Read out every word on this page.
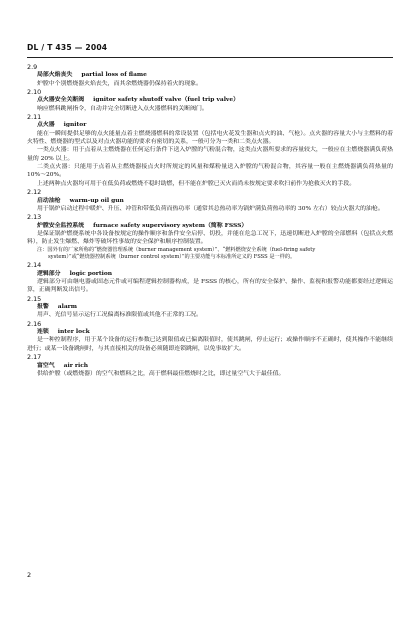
DL / T 435 — 2004
2.9
局部火焰丧失 partial loss of flame
炉膛中个别燃烧器火焰丧失，而其余燃烧器仍保持着火的现象。
2.10
点火器安全关断阀 ignitor safety shutoff valve（fuel trip valve）
响应燃料跳闸指令，自动并完全切断进入点火器燃料的关断阀门。
2.11
点火器 ignitor
能在一瞬间提供足够的点火能量点着主燃烧器燃料的常设装置（包括电火花发生器和点火的油、气枪）。点火器的容量大小与主燃料的着火特性、燃烧器的型式以及对点火器功能的要求有密切的关系，一般可分为一类和二类点火器。
一类点火器：用于点着从主燃烧器在任何运行条件下送入炉膛的气粉混合物，这类点火器所要求的容量较大，一般应在主燃烧器满负荷热量的 20% 以上。
二类点火器：只能用于点着从主燃烧器接点火时所规定的风量和煤粉量送入炉膛的气粉混合物，其容量一般在主燃烧器满负荷热量的 10%～20%。
上述两种点火器均可用于在低负荷或燃烧不稳时助燃，但不能在炉膛已灭火而尚未按规定要求吹扫前作为抢救灭火的手段。
2.12
启动油枪 warm-up oil gun
用于锅炉启动过程中暖炉、升压、冲管和带低负荷而热功率（通常其总热功率为锅炉满负荷热功率的 30% 左右）较点火器大的油枪。
2.13
炉膛安全监控系统 furnace safety supervisory system（简称 FSSS）
是保证锅炉燃烧系统中各设备按规定的操作顺序和条件安全启停、切投，并能在危急工况下，迅速切断进入炉膛的全部燃料（包括点火燃料），防止发生爆燃、爆炸等破坏性事故的安全保护和顺序控制装置。
注：国外有的厂家所称的“燃烧器管理系统（burner management system）”、“燃料燃烧安全系统（fuel-firing safety

system）”或“燃烧器控制系统（burner control system）”的主要功能与本标准所定义的 FSSS 是一样的。
2.14
逻辑部分 logic portion
逻辑部分可由继电器或固态元件或可编程逻辑控制器构成，是 FSSS 的核心，所有的安全保护、操作、监视和报警功能都要经过逻辑运算，正确判断发出信号。
2.15
报警 alarm
用声、光信号显示运行工况偏离标准限值或其他不正常的工况。
2.16
连锁 inter lock
是一种控制程序，用于某个设备的运行参数已达到限值或已偏离限值时，使其跳闸，停止运行；或操作顺序不正确时，使其操作不能继续进行；或某一设备跳闸时，与其直接相关的设备必须随即连锁跳闸，以免事故扩大。
2.17
富空气 air rich
供给炉膛（或燃烧器）的空气和燃料之比，高于燃料最佳燃烧时之比，即过量空气大于最佳值。
2
